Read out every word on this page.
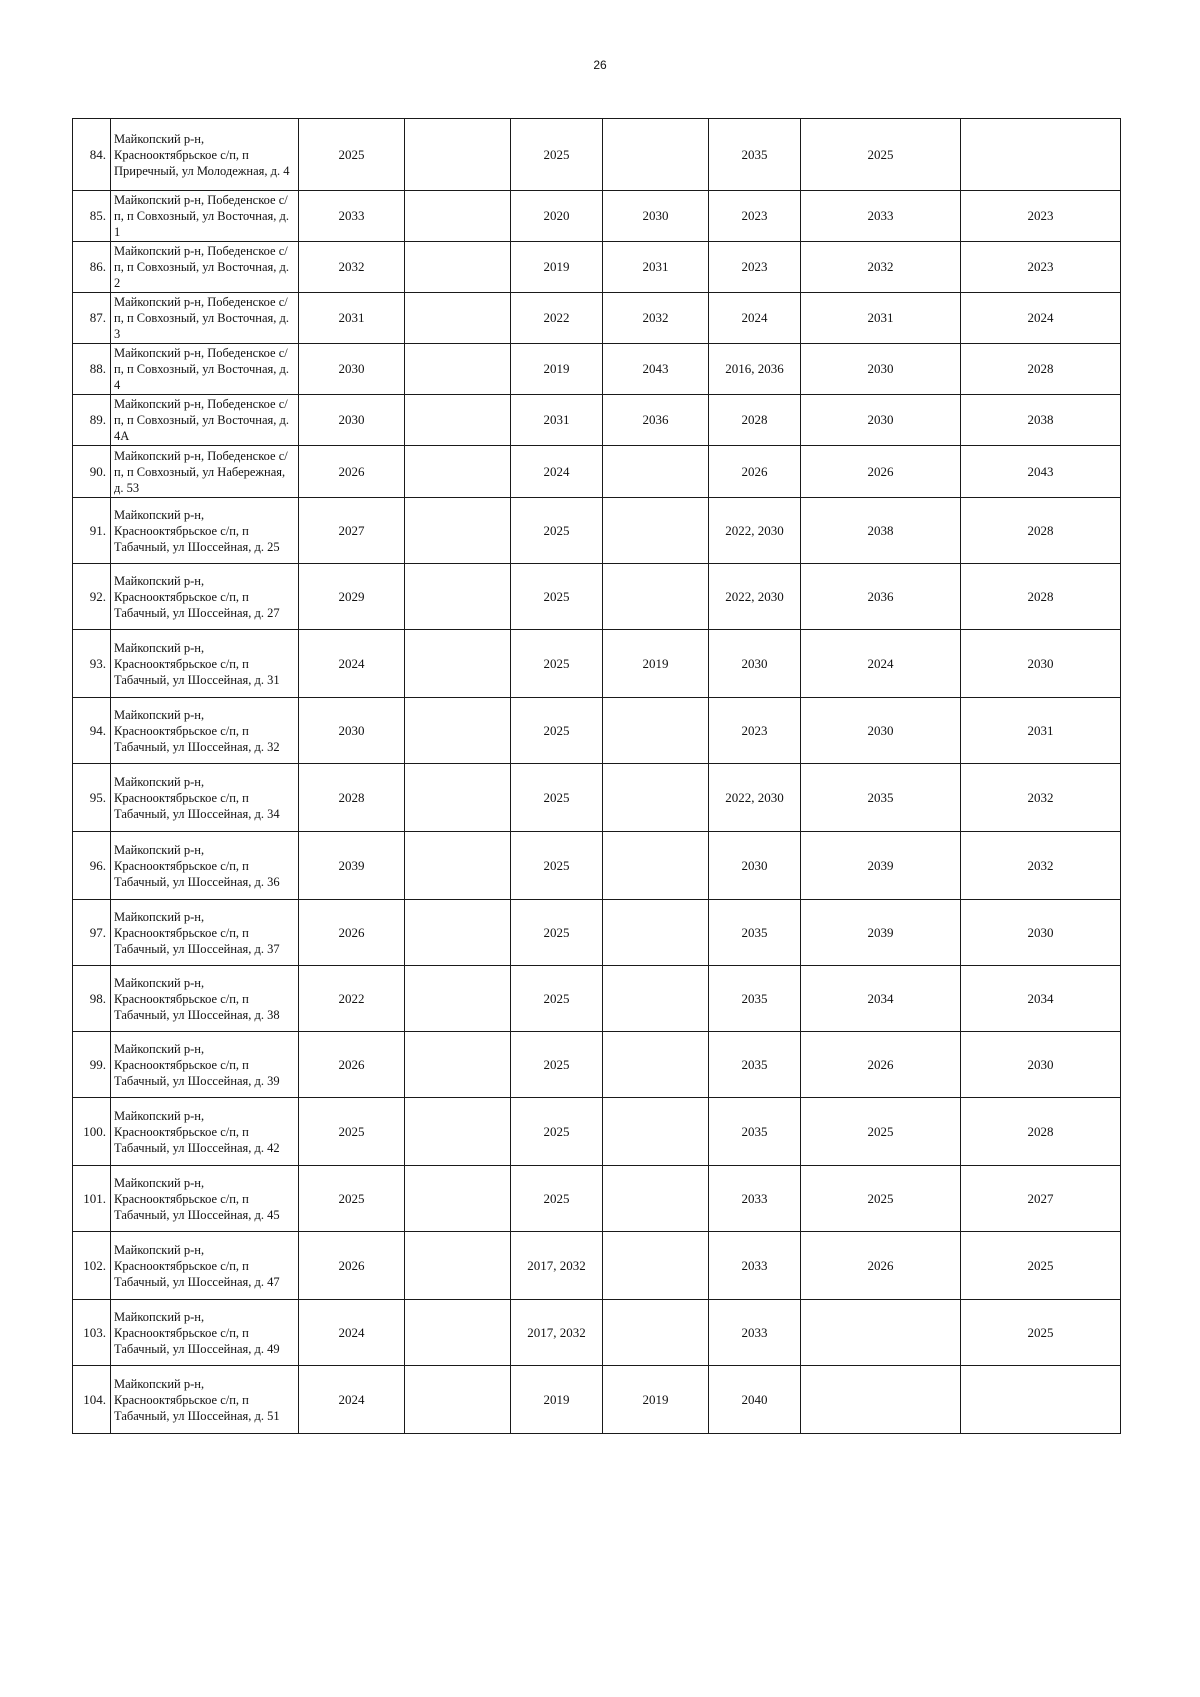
26
84.	Майкопский р-н, Краснооктябрьское с/п, п Приречный, ул Молодежная, д. 4	2025		2025		2035	2025	
85.	Майкопский р-н, Победенское с/п, п Совхозный, ул Восточная, д. 1	2033		2020	2030	2023	2033	2023
86.	Майкопский р-н, Победенское с/п, п Совхозный, ул Восточная, д. 2	2032		2019	2031	2023	2032	2023
87.	Майкопский р-н, Победенское с/п, п Совхозный, ул Восточная, д. 3	2031		2022	2032	2024	2031	2024
88.	Майкопский р-н, Победенское с/п, п Совхозный, ул Восточная, д. 4	2030		2019	2043	2016, 2036	2030	2028
89.	Майкопский р-н, Победенское с/п, п Совхозный, ул Восточная, д. 4А	2030		2031	2036	2028	2030	2038
90.	Майкопский р-н, Победенское с/п, п Совхозный, ул Набережная, д. 53	2026		2024		2026	2026	2043
91.	Майкопский р-н, Краснооктябрьское с/п, п Табачный, ул Шоссейная, д. 25	2027		2025		2022, 2030	2038	2028
92.	Майкопский р-н, Краснооктябрьское с/п, п Табачный, ул Шоссейная, д. 27	2029		2025		2022, 2030	2036	2028
93.	Майкопский р-н, Краснооктябрьское с/п, п Табачный, ул Шоссейная, д. 31	2024		2025	2019	2030	2024	2030
94.	Майкопский р-н, Краснооктябрьское с/п, п Табачный, ул Шоссейная, д. 32	2030		2025		2023	2030	2031
95.	Майкопский р-н, Краснооктябрьское с/п, п Табачный, ул Шоссейная, д. 34	2028		2025		2022, 2030	2035	2032
96.	Майкопский р-н, Краснооктябрьское с/п, п Табачный, ул Шоссейная, д. 36	2039		2025		2030	2039	2032
97.	Майкопский р-н, Краснооктябрьское с/п, п Табачный, ул Шоссейная, д. 37	2026		2025		2035	2039	2030
98.	Майкопский р-н, Краснооктябрьское с/п, п Табачный, ул Шоссейная, д. 38	2022		2025		2035	2034	2034
99.	Майкопский р-н, Краснооктябрьское с/п, п Табачный, ул Шоссейная, д. 39	2026		2025		2035	2026	2030
100.	Майкопский р-н, Краснооктябрьское с/п, п Табачный, ул Шоссейная, д. 42	2025		2025		2035	2025	2028
101.	Майкопский р-н, Краснооктябрьское с/п, п Табачный, ул Шоссейная, д. 45	2025		2025		2033	2025	2027
102.	Майкопский р-н, Краснооктябрьское с/п, п Табачный, ул Шоссейная, д. 47	2026		2017, 2032		2033	2026	2025
103.	Майкопский р-н, Краснооктябрьское с/п, п Табачный, ул Шоссейная, д. 49	2024		2017, 2032		2033		2025
104.	Майкопский р-н, Краснооктябрьское с/п, п Табачный, ул Шоссейная, д. 51	2024		2019	2019	2040		
